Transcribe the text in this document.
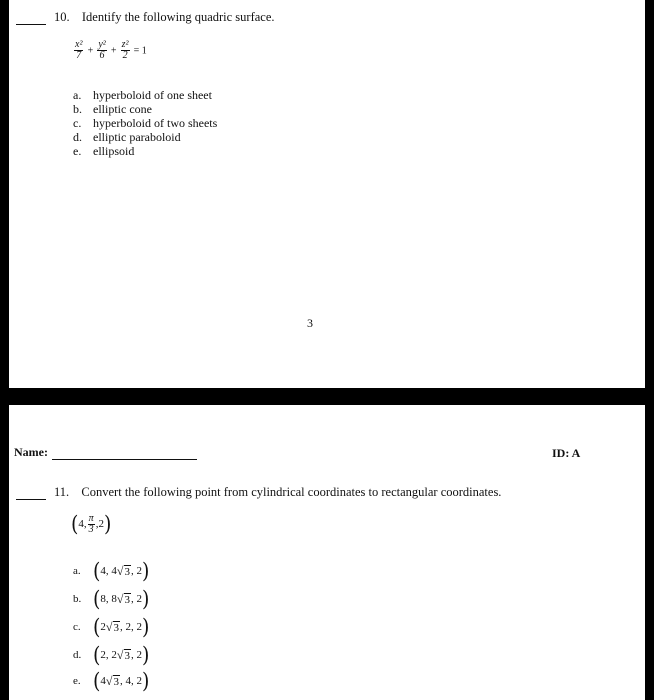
10. Identify the following quadric surface.
$\frac{\text{x²}}{7} + \frac{\text{y²}}{6} + \frac{\text{z²}}{2} = 1$
a. hyperboloid of one sheet
b. elliptic cone
c. hyperboloid of two sheets
d. elliptic paraboloid
e. ellipsoid
3
Name:	ID: A
11. Convert the following point from cylindrical coordinates to rectangular coordinates.
(4, $\frac{\pi}{3} ,2$)
a. (4, 4√3, 2)
b. (8, 8√3, 2)
c. (2√3, 2, 2)
d. (2, 2√3, 2)
e. (4√3, 4, 2)
